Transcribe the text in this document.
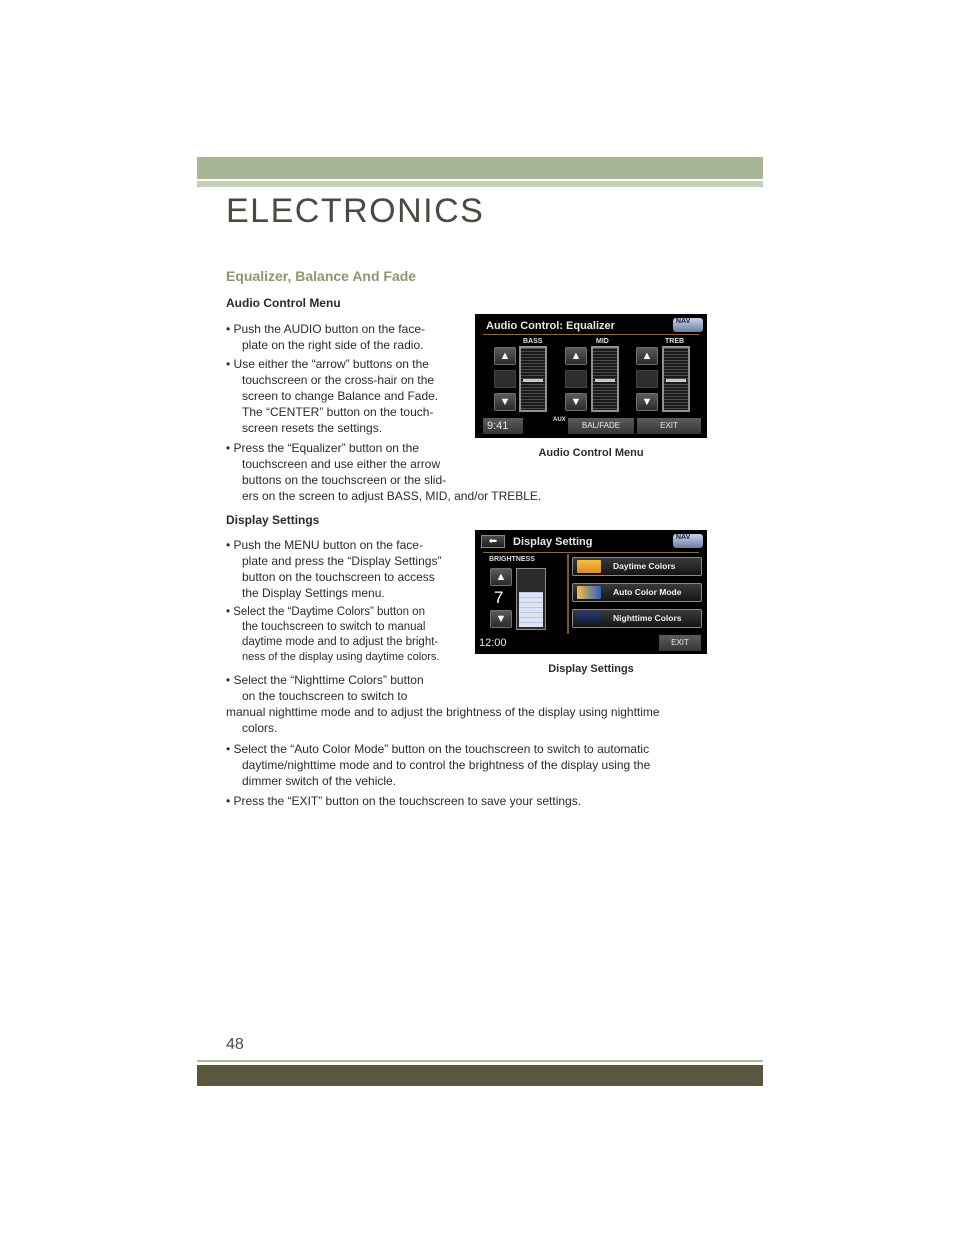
ELECTRONICS
Equalizer, Balance And Fade
Audio Control Menu
• Push the AUDIO button on the face-
plate on the right side of the radio.
• Use either the “arrow” buttons on the
touchscreen or the cross-hair on the
screen to change Balance and Fade.
The “CENTER” button on the touch-
screen resets the settings.
• Press the “Equalizer” button on the
touchscreen and use either the arrow
buttons on the touchscreen or the slid-
ers on the screen to adjust BASS, MID, and/or TREBLE.
Audio Control: Equalizer	NAV
BASS	MID	TREB
▲
▼
▲
▼
▲
▼
9:41	AUX
BAL/FADE	EXIT
Audio Control Menu
Display Settings
• Push the MENU button on the face-
plate and press the “Display Settings”
button on the touchscreen to access
the Display Settings menu.
• Select the “Daytime Colors” button on
the touchscreen to switch to manual
daytime mode and to adjust the bright-
ness of the display using daytime colors.
• Select the “Nighttime Colors” button
on the touchscreen to switch to
manual nighttime mode and to adjust the brightness of the display using nighttime
colors.
• Select the “Auto Color Mode” button on the touchscreen to switch to automatic
daytime/nighttime mode and to control the brightness of the display using the
dimmer switch of the vehicle.
• Press the “EXIT” button on the touchscreen to save your settings.
⬅	Display Setting	NAV
BRIGHTNESS
▲
7
▼
Daytime Colors
Auto Color Mode
Nighttime Colors
12:00	EXIT
Display Settings
48
